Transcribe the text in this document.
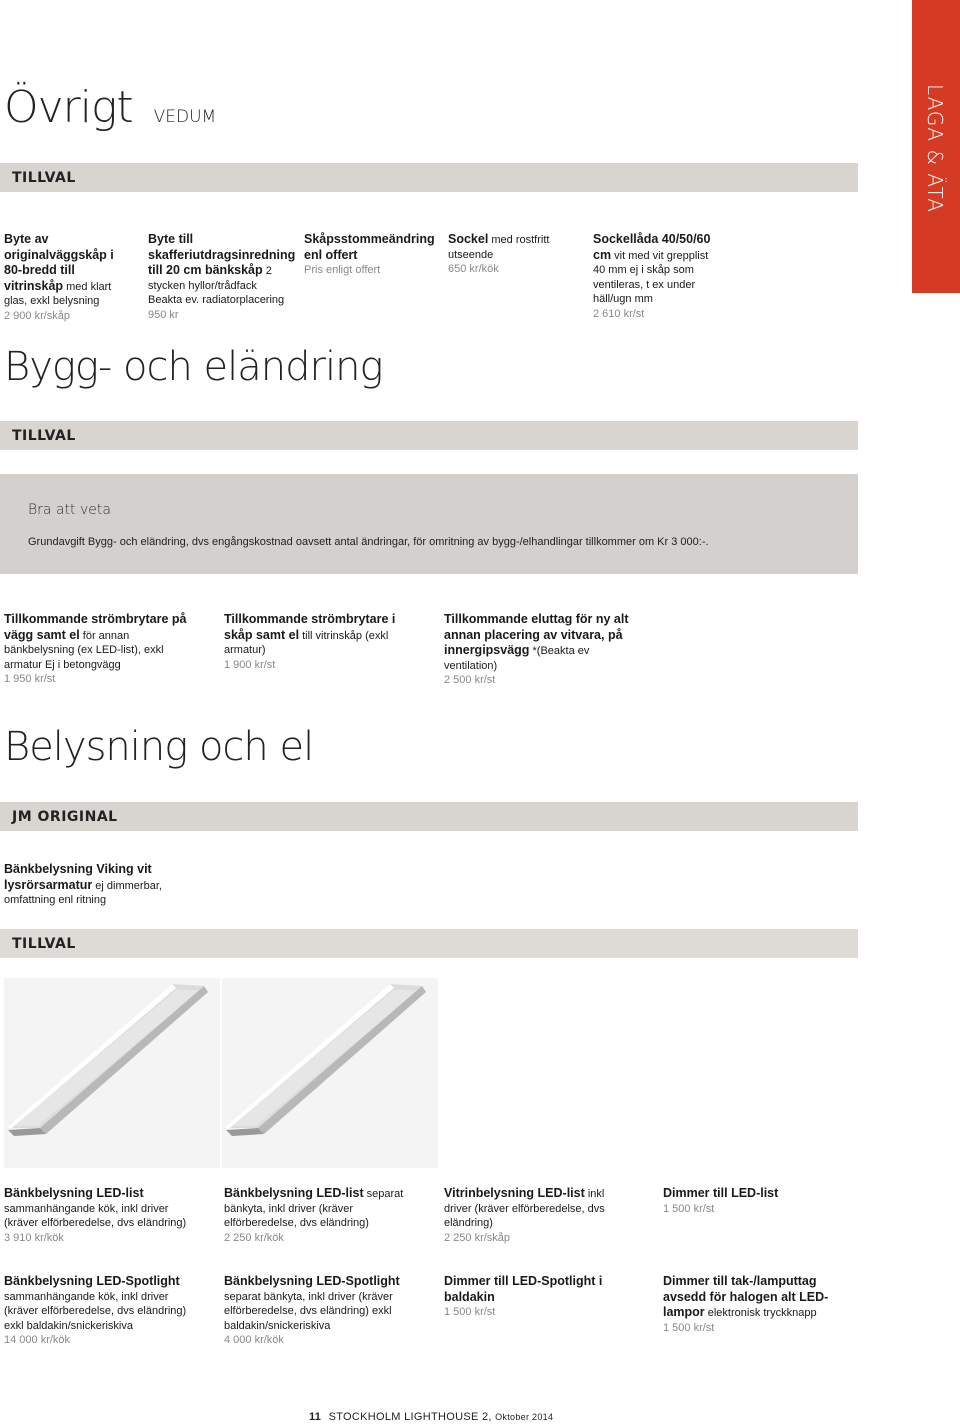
LAGA & ÄTA
Övrigt VEDUM
TILLVAL
Byte av originalväggskåp i 80-bredd till vitrinskåp med klart glas, exkl belysning
2 900 kr/skåp
Byte till skafferiutdragsinredning till 20 cm bänkskåp 2 stycken hyllor/trådfack Beakta ev. radiatorplacering
950 kr
Skåpsstommeändring enl offert
Pris enligt offert
Sockel med rostfritt utseende
650 kr/kök
Sockellåda 40/50/60 cm vit med vit grepplist 40 mm ej i skåp som ventileras, t ex under häll/ugn mm
2 610 kr/st
Bygg- och eländring
TILLVAL
Bra att veta
Grundavgift Bygg- och eländring, dvs engångskostnad oavsett antal ändringar, för omritning av bygg-/elhandlingar tillkommer om Kr 3 000:-.
Tillkommande strömbrytare på vägg samt el för annan bänkbelysning (ex LED-list), exkl armatur Ej i betongvägg
1 950 kr/st
Tillkommande strömbrytare i skåp samt el till vitrinskåp (exkl armatur)
1 900 kr/st
Tillkommande eluttag för ny alt annan placering av vitvara, på innergipsvägg *(Beakta ev ventilation)
2 500 kr/st
Belysning och el
JM ORIGINAL
Bänkbelysning Viking vit lysrörsarmatur ej dimmerbar, omfattning enl ritning
TILLVAL
Bänkbelysning LED-list sammanhängande kök, inkl driver (kräver elförberedelse, dvs eländring)
3 910 kr/kök
Bänkbelysning LED-list separat bänkyta, inkl driver (kräver elförberedelse, dvs eländring)
2 250 kr/kök
Vitrinbelysning LED-list inkl driver (kräver elförberedelse, dvs eländring)
2 250 kr/skåp
Dimmer till LED-list
1 500 kr/st
Bänkbelysning LED-Spotlight sammanhängande kök, inkl driver (kräver elförberedelse, dvs eländring) exkl baldakin/snickeriskiva
14 000 kr/kök
Bänkbelysning LED-Spotlight separat bänkyta, inkl driver (kräver elförberedelse, dvs eländring) exkl baldakin/snickeriskiva
4 000 kr/kök
Dimmer till LED-Spotlight i baldakin
1 500 kr/st
Dimmer till tak-/lamputtag avsedd för halogen alt LED-lampor elektronisk tryckknapp
1 500 kr/st
11 STOCKHOLM LIGHTHOUSE 2, Oktober 2014
